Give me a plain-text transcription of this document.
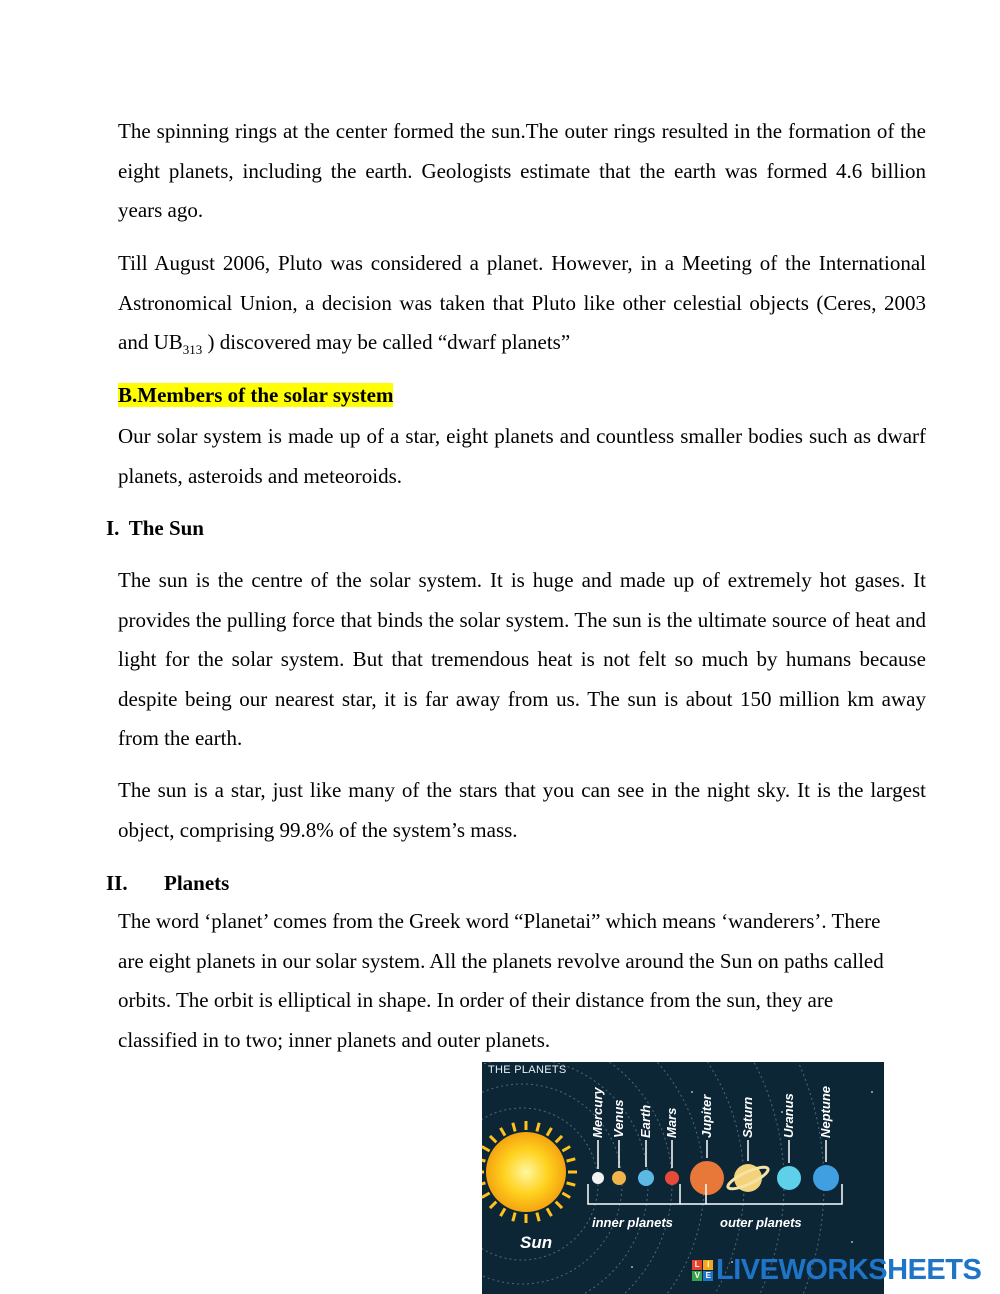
The spinning rings at the center formed the sun.The outer rings resulted in the formation of the eight planets, including the earth. Geologists estimate that the earth was formed 4.6 billion years ago.

Till August 2006, Pluto was considered a planet. However, in a Meeting of the International Astronomical Union, a decision was taken that Pluto like other celestial objects (Ceres, 2003 and $UB_{313}$ ) discovered may be called “dwarf planets”

B.Members of the solar system

Our solar system is made up of a star, eight planets and countless smaller bodies such as dwarf planets, asteroids and meteoroids.

I. The Sun

The sun is the centre of the solar system. It is huge and made up of extremely hot gases. It provides the pulling force that binds the solar system. The sun is the ultimate source of heat and light for the solar system. But that tremendous heat is not felt so much by humans because despite being our nearest star, it is far away from us. The sun is about 150 million km away from the earth.

The sun is a star, just like many of the stars that you can see in the night sky. It is the largest object, comprising 99.8% of the system’s mass.

II. Planets

The word ‘planet’ comes from the Greek word “Planetai” which means ‘wanderers’. There are eight planets in our solar system. All the planets revolve around the Sun on paths called orbits. The orbit is elliptical in shape. In order of their distance from the sun, they are classified in to two; inner planets and outer planets.

Sun
Mercury Venus Earth Mars Jupiter Saturn Uranus Neptune
inner planets	outer planets
THE PLANETS
L I
V E LIVE WORK SHEETS
